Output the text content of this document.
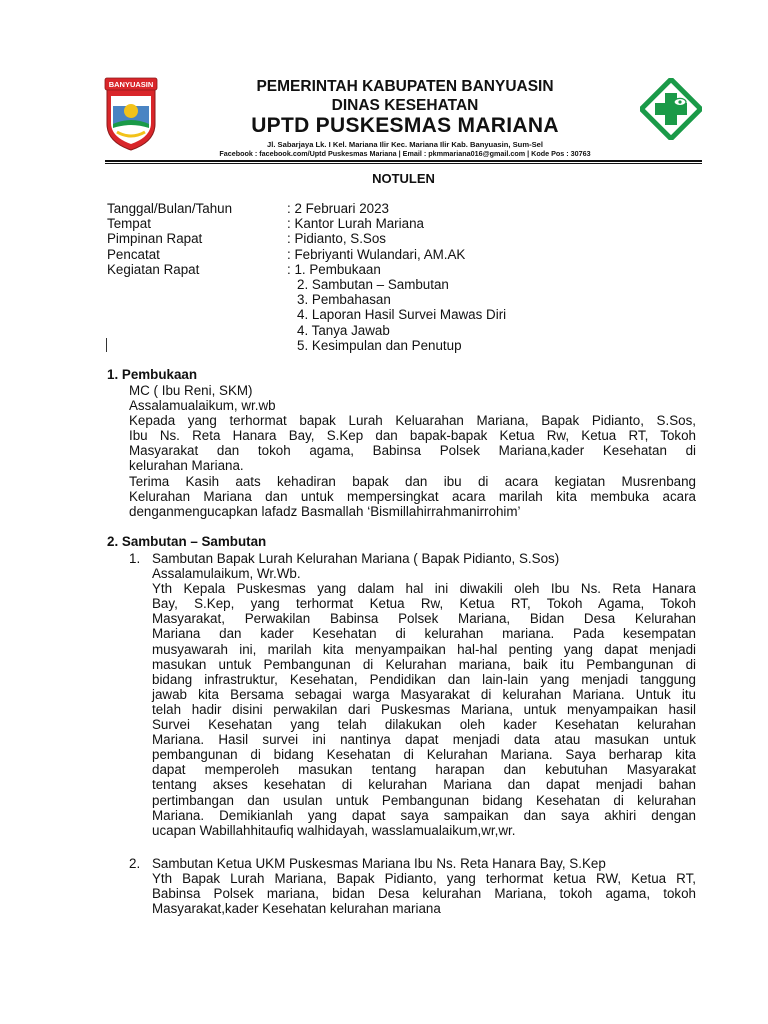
BANYUASIN	PEMERINTAH KABUPATEN BANYUASIN
DINAS KESEHATAN
UPTD PUSKESMAS MARIANA
Jl. Sabarjaya Lk. I Kel. Mariana Ilir Kec. Mariana Ilir Kab. Banyuasin, Sum-Sel
Facebook : facebook.com/Uptd Puskesmas Mariana | Email : pkmmariana016@gmail.com | Kode Pos : 30763
NOTULEN
Tanggal/Bulan/Tahun	: 2 Februari 2023
Tempat	: Kantor Lurah Mariana
Pimpinan Rapat	: Pidianto, S.Sos
Pencatat	: Febriyanti Wulandari, AM.AK
Kegiatan Rapat	: 1. Pembukaan
2. Sambutan – Sambutan
3. Pembahasan
4. Laporan Hasil Survei Mawas Diri
4. Tanya Jawab
5. Kesimpulan dan Penutup
1. Pembukaan
MC ( Ibu Reni, SKM)
Assalamualaikum, wr.wb
Kepada yang terhormat bapak Lurah Keluarahan Mariana, Bapak Pidianto, S.Sos,
Ibu Ns. Reta Hanara Bay, S.Kep dan bapak-bapak Ketua Rw, Ketua RT, Tokoh
Masyarakat dan tokoh agama, Babinsa Polsek Mariana,kader Kesehatan di
kelurahan Mariana.
Terima Kasih aats kehadiran bapak dan ibu di acara kegiatan Musrenbang
Kelurahan Mariana dan untuk mempersingkat acara marilah kita membuka acara
denganmengucapkan lafadz Basmallah ‘Bismillahirrahmanirrohim’
2. Sambutan – Sambutan
1. Sambutan Bapak Lurah Kelurahan Mariana ( Bapak Pidianto, S.Sos)
Assalamulaikum, Wr.Wb.
Yth Kepala Puskesmas yang dalam hal ini diwakili oleh Ibu Ns. Reta Hanara
Bay, S.Kep, yang terhormat Ketua Rw, Ketua RT, Tokoh Agama, Tokoh
Masyarakat, Perwakilan Babinsa Polsek Mariana, Bidan Desa Kelurahan
Mariana dan kader Kesehatan di kelurahan mariana. Pada kesempatan
musyawarah ini, marilah kita menyampaikan hal-hal penting yang dapat menjadi
masukan untuk Pembangunan di Kelurahan mariana, baik itu Pembangunan di
bidang infrastruktur, Kesehatan, Pendidikan dan lain-lain yang menjadi tanggung
jawab kita Bersama sebagai warga Masyarakat di kelurahan Mariana. Untuk itu
telah hadir disini perwakilan dari Puskesmas Mariana, untuk menyampaikan hasil
Survei Kesehatan yang telah dilakukan oleh kader Kesehatan kelurahan
Mariana. Hasil survei ini nantinya dapat menjadi data atau masukan untuk
pembangunan di bidang Kesehatan di Kelurahan Mariana. Saya berharap kita
dapat memperoleh masukan tentang harapan dan kebutuhan Masyarakat
tentang akses kesehatan di kelurahan Mariana dan dapat menjadi bahan
pertimbangan dan usulan untuk Pembangunan bidang Kesehatan di kelurahan
Mariana. Demikianlah yang dapat saya sampaikan dan saya akhiri dengan
ucapan Wabillahhitaufiq walhidayah, wasslamualaikum,wr,wr.
2. Sambutan Ketua UKM Puskesmas Mariana Ibu Ns. Reta Hanara Bay, S.Kep
Yth Bapak Lurah Mariana, Bapak Pidianto, yang terhormat ketua RW, Ketua RT,
Babinsa Polsek mariana, bidan Desa kelurahan Mariana, tokoh agama, tokoh
Masyarakat,kader Kesehatan kelurahan mariana
